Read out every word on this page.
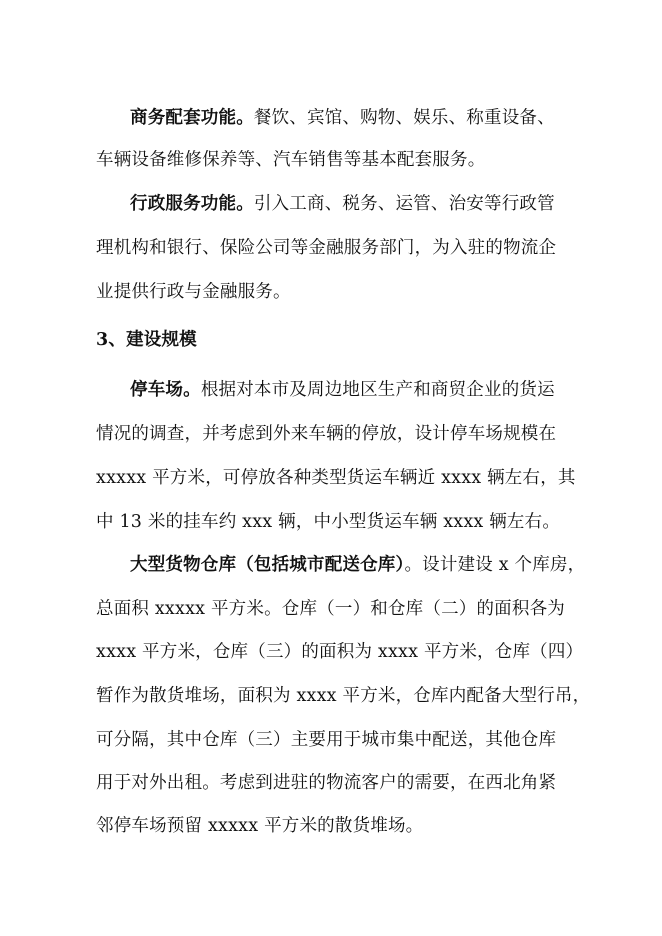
商务配套功能。餐饮、宾馆、购物、娱乐、称重设备、
车辆设备维修保养等、汽车销售等基本配套服务。
行政服务功能。引入工商、税务、运管、治安等行政管
理机构和银行、保险公司等金融服务部门，为入驻的物流企
业提供行政与金融服务。
3、建设规模
停车场。根据对本市及周边地区生产和商贸企业的货运
情况的调查，并考虑到外来车辆的停放，设计停车场规模在
xxxxx 平方米，可停放各种类型货运车辆近 xxxx 辆左右，其
中 13 米的挂车约 xxx 辆，中小型货运车辆 xxxx 辆左右。
大型货物仓库（包括城市配送仓库）。设计建设 x 个库房，
总面积 xxxxx 平方米。仓库（一）和仓库（二）的面积各为
xxxx 平方米，仓库（三）的面积为 xxxx 平方米，仓库（四）
暂作为散货堆场，面积为 xxxx 平方米，仓库内配备大型行吊，
可分隔，其中仓库（三）主要用于城市集中配送，其他仓库
用于对外出租。考虑到进驻的物流客户的需要，在西北角紧
邻停车场预留 xxxxx 平方米的散货堆场。
